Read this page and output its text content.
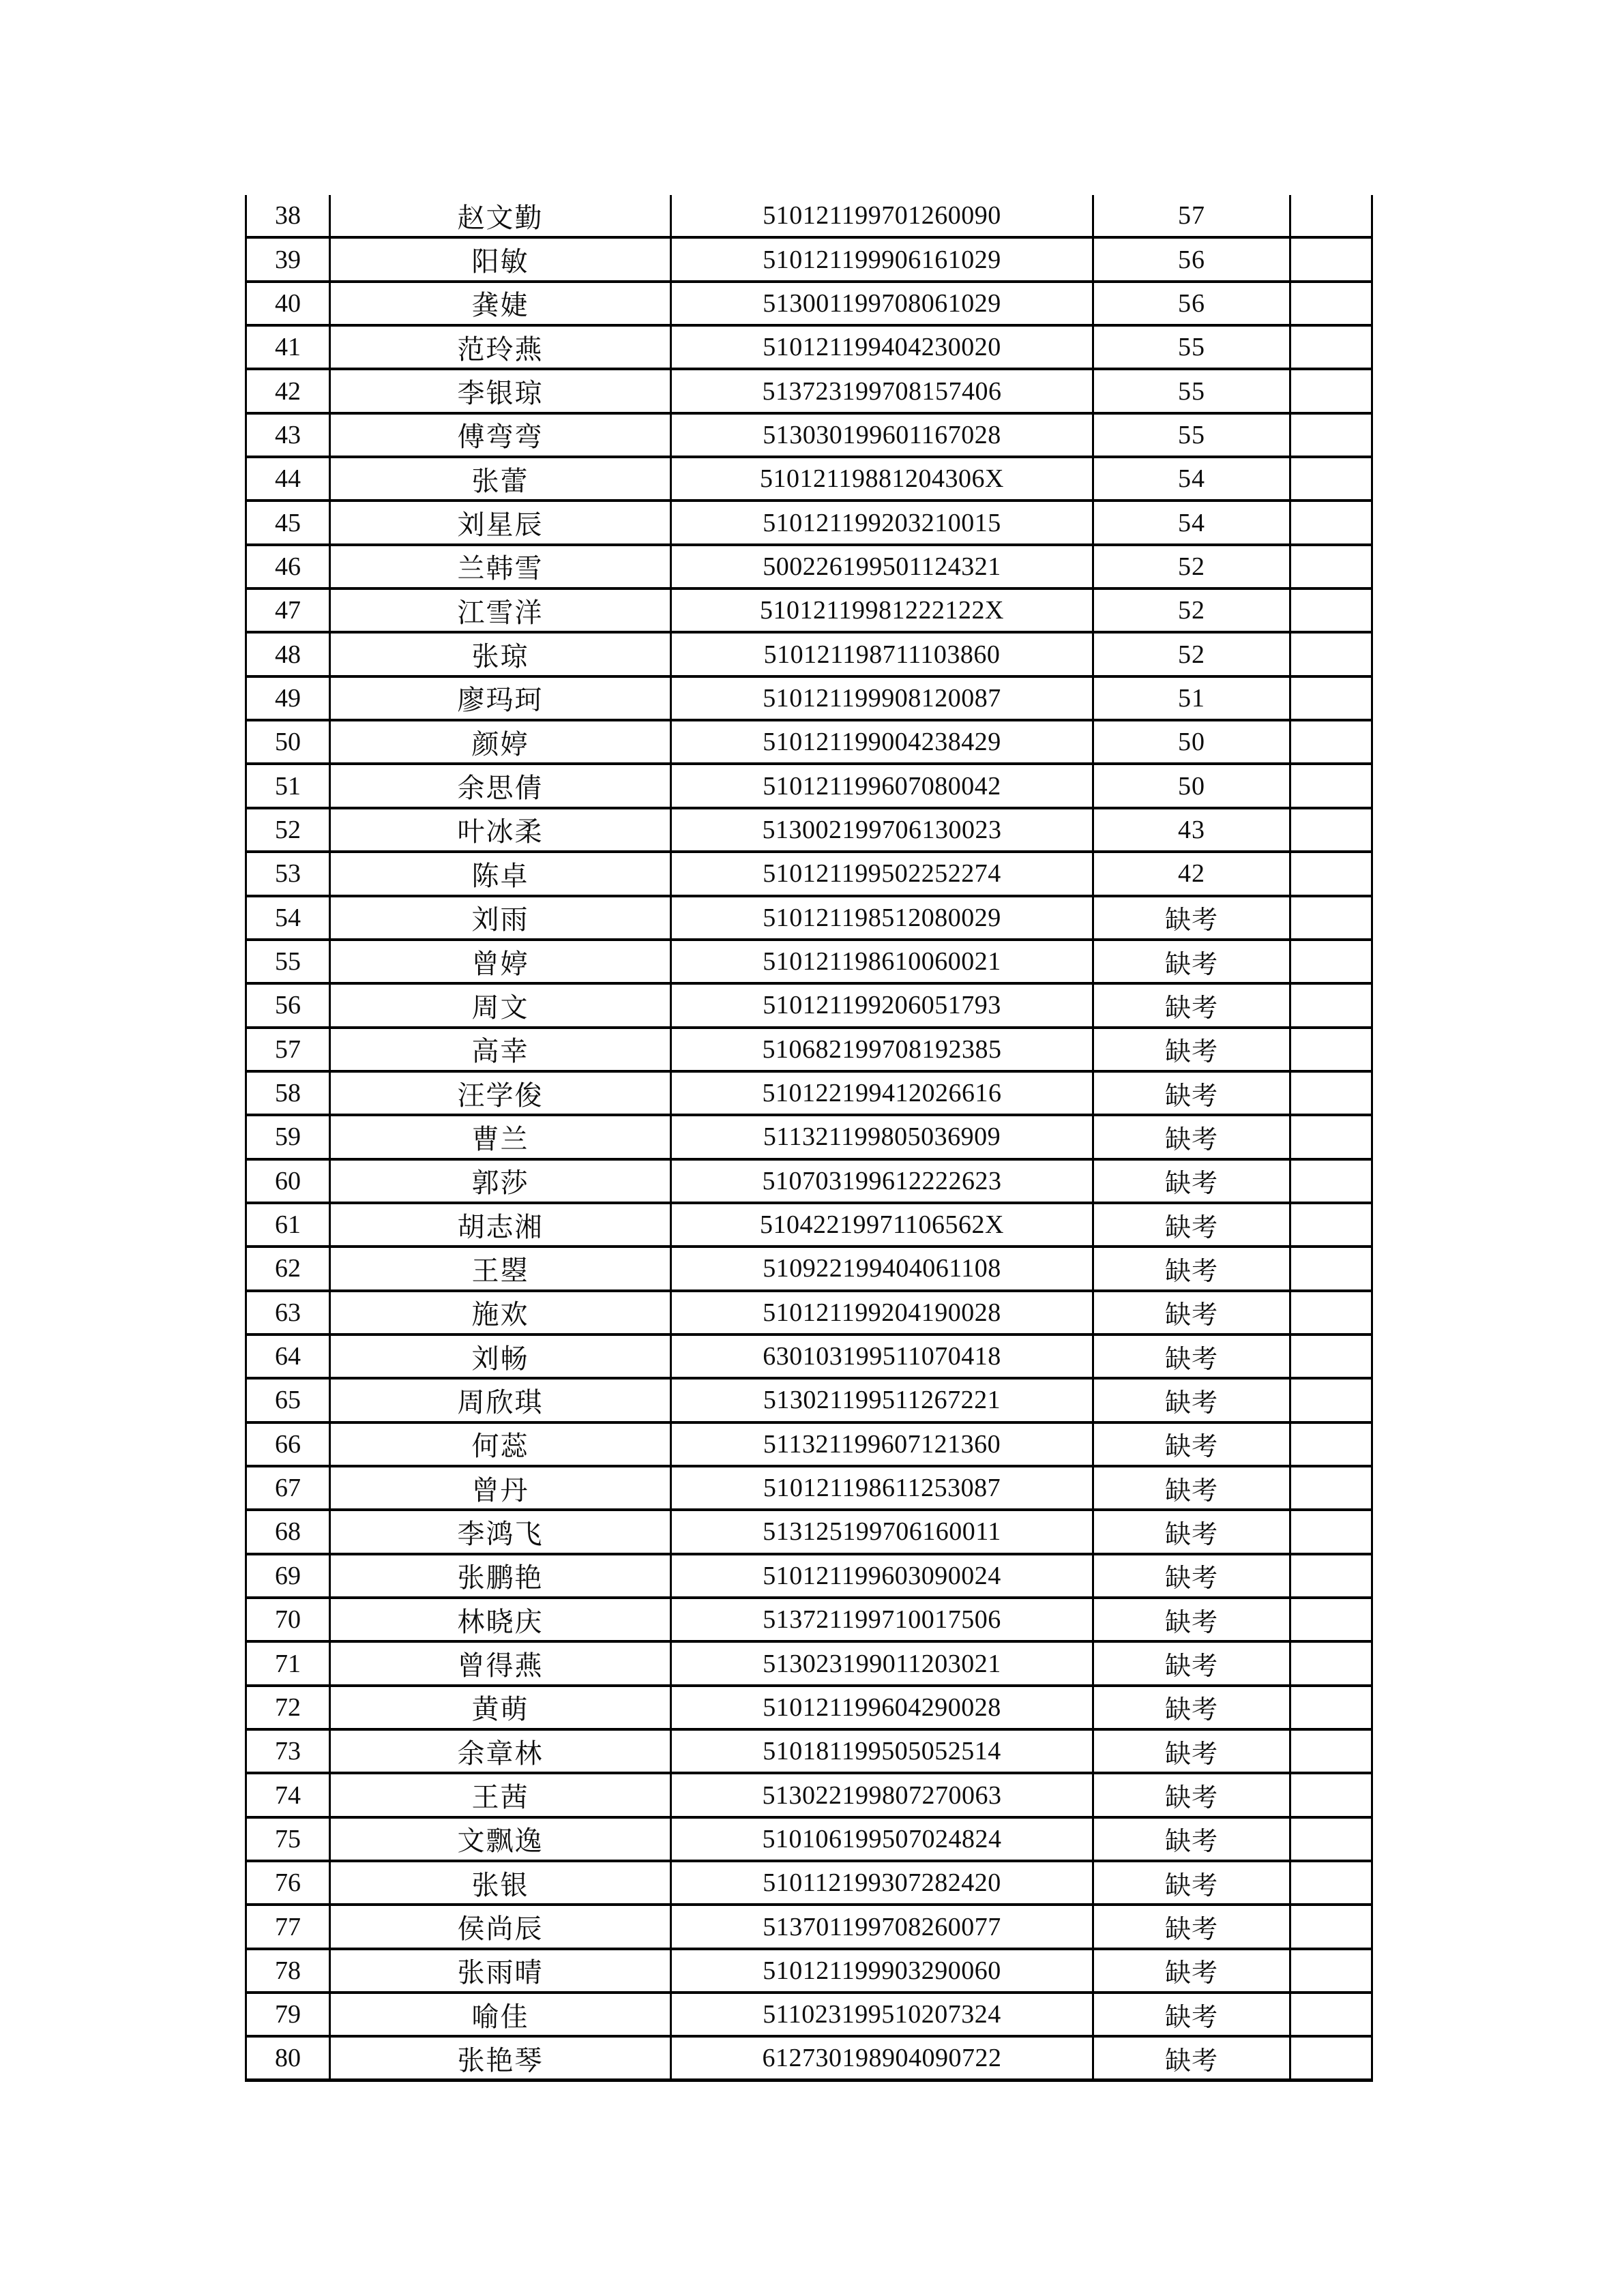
38	赵文勤	510121199701260090	57
39	阳敏	510121199906161029	56
40	龚婕	513001199708061029	56
41	范玲燕	510121199404230020	55
42	李银琼	513723199708157406	55
43	傅弯弯	513030199601167028	55
44	张蕾	51012119881204306X	54
45	刘星辰	510121199203210015	54
46	兰韩雪	500226199501124321	52
47	江雪洋	51012119981222122X	52
48	张琼	510121198711103860	52
49	廖玛珂	510121199908120087	51
50	颜婷	510121199004238429	50
51	余思倩	510121199607080042	50
52	叶冰柔	513002199706130023	43
53	陈卓	510121199502252274	42
54	刘雨	510121198512080029	缺考
55	曾婷	510121198610060021	缺考
56	周文	510121199206051793	缺考
57	高幸	510682199708192385	缺考
58	汪学俊	510122199412026616	缺考
59	曹兰	511321199805036909	缺考
60	郭莎	510703199612222623	缺考
61	胡志湘	51042219971106562X	缺考
62	王曌	510922199404061108	缺考
63	施欢	510121199204190028	缺考
64	刘畅	630103199511070418	缺考
65	周欣琪	513021199511267221	缺考
66	何蕊	511321199607121360	缺考
67	曾丹	510121198611253087	缺考
68	李鸿飞	513125199706160011	缺考
69	张鹏艳	510121199603090024	缺考
70	林晓庆	513721199710017506	缺考
71	曾得燕	513023199011203021	缺考
72	黄萌	510121199604290028	缺考
73	余章林	510181199505052514	缺考
74	王茜	513022199807270063	缺考
75	文飘逸	510106199507024824	缺考
76	张银	510112199307282420	缺考
77	侯尚辰	513701199708260077	缺考
78	张雨晴	510121199903290060	缺考
79	喻佳	511023199510207324	缺考
80	张艳琴	612730198904090722	缺考
